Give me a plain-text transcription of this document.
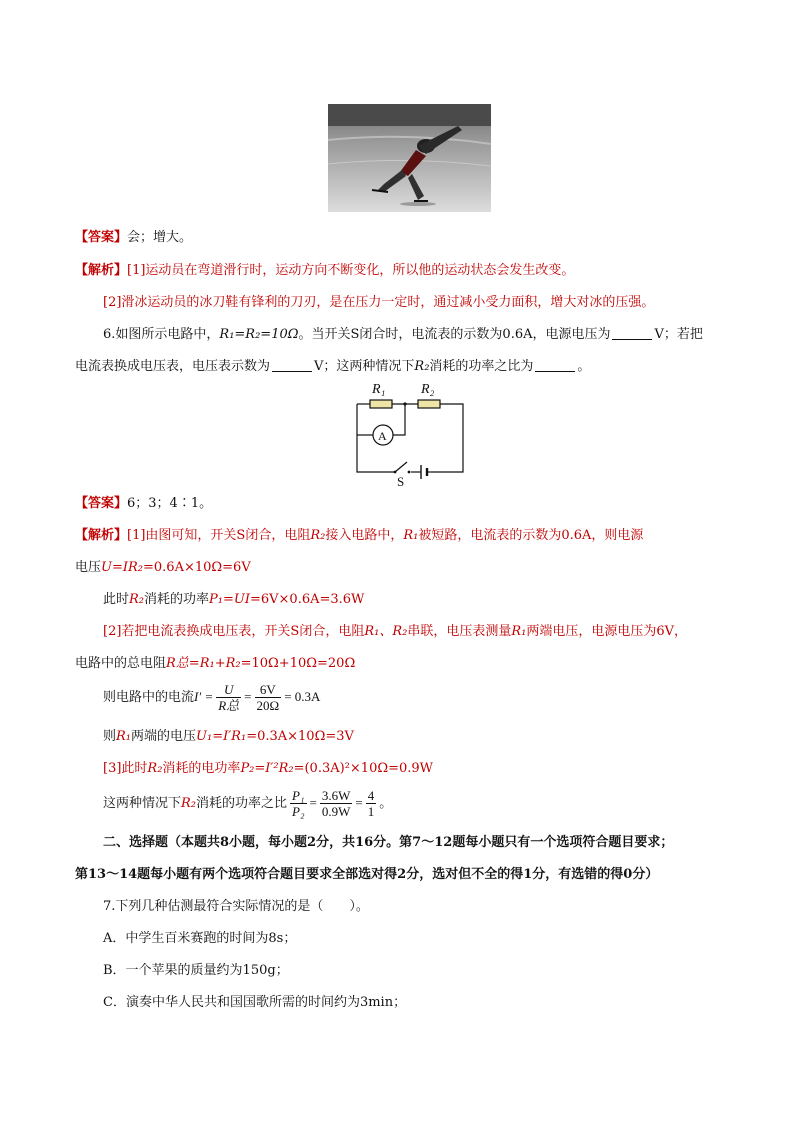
【答案】会；增大。
【解析】[1]运动员在弯道滑行时，运动方向不断变化，所以他的运动状态会发生改变。
[2]滑冰运动员的冰刀鞋有锋利的刀刃，是在压力一定时，通过减小受力面积，增大对冰的压强。
6.如图所示电路中，R₁=R₂=10Ω。当开关S闭合时，电流表的示数为0.6A，电源电压为	V；若把
电流表换成电压表，电压表示数为	V；这两种情况下R₂消耗的功率之比为	。
R₁	R₂
A
S
【答案】6；3；4∶1。
【解析】[1]由图可知，开关S闭合，电阻R₂接入电路中，R₁被短路，电流表的示数为0.6A，则电源
电压U=IR₂=0.6A×10Ω=6V
此时R₂消耗的功率P₁=UI=6V×0.6A=3.6W
[2]若把电流表换成电压表，开关S闭合，电阻R₁、R₂串联，电压表测量R₁两端电压，电源电压为6V，
电路中的总电阻R总=R₁+R₂=10Ω+10Ω=20Ω
则电路中的电流$I' = \frac{U}{\text{R总}} = \frac{6V}{20\Omega} = 0.3A$
则R₁两端的电压U₁=I′R₁=0.3A×10Ω=3V
[3]此时R₂消耗的电功率P₂=I′²R₂=(0.3A)²×10Ω=0.9W
这两种情况下R₂消耗的功率之比 $\frac{\text{P₁}}{\text{P₂}} = \frac{3.6W}{0.9W} = \frac{4}{1}$ 。
二、选择题（本题共8小题，每小题2分，共16分。第7～12题每小题只有一个选项符合题目要求；
第13～14题每小题有两个选项符合题目要求全部选对得2分，选对但不全的得1分，有选错的得0分）
7.下列几种估测最符合实际情况的是（　　）。
A．中学生百米赛跑的时间为8s；
B．一个苹果的质量约为150g；
C．演奏中华人民共和国国歌所需的时间约为3min；
